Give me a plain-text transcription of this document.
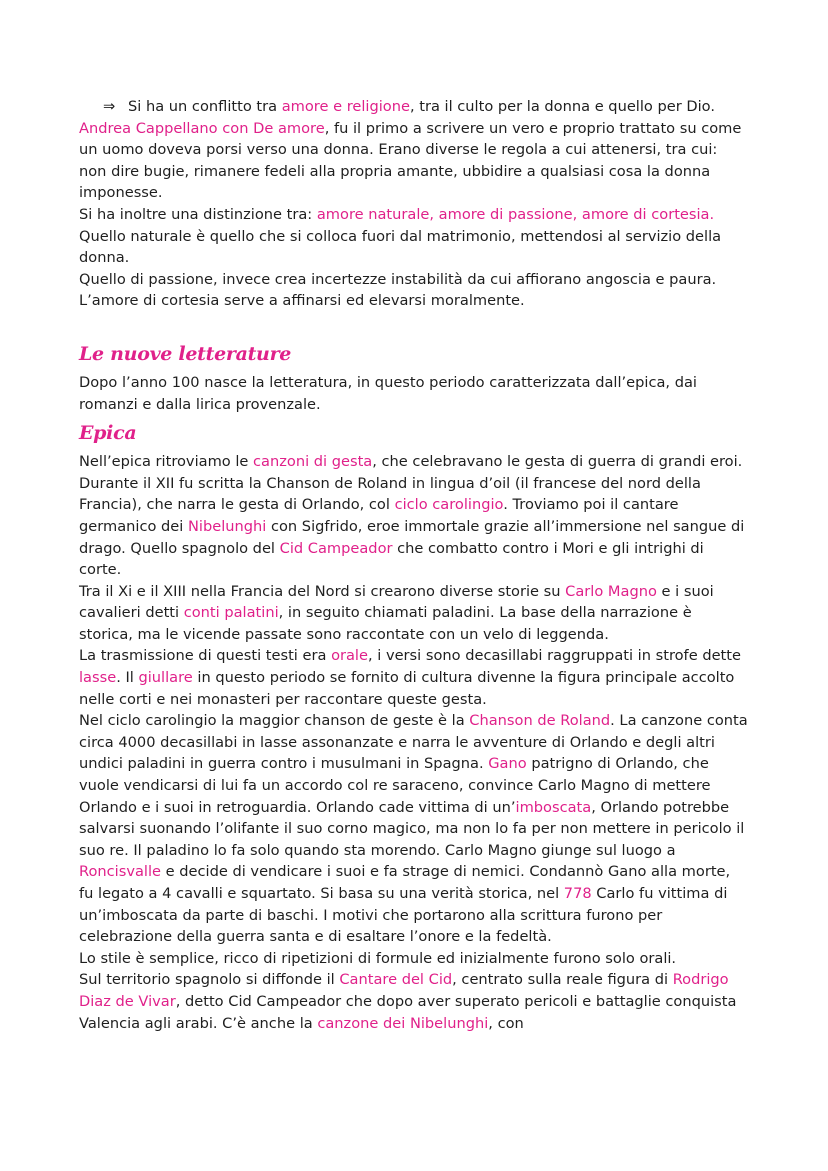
⇒ Si ha un conflitto tra amore e religione, tra il culto per la donna e quello per Dio.

Andrea Cappellano con De amore, fu il primo a scrivere un vero e proprio trattato su come un uomo doveva porsi verso una donna. Erano diverse le regola a cui attenersi, tra cui: non dire bugie, rimanere fedeli alla propria amante, ubbidire a qualsiasi cosa la donna imponesse.

Si ha inoltre una distinzione tra: amore naturale, amore di passione, amore di cortesia.

Quello naturale è quello che si colloca fuori dal matrimonio, mettendosi al servizio della donna.

Quello di passione, invece crea incertezze instabilità da cui affiorano angoscia e paura.

L’amore di cortesia serve a affinarsi ed elevarsi moralmente.

Le nuove letterature

Dopo l’anno 100 nasce la letteratura, in questo periodo caratterizzata dall’epica, dai romanzi e dalla lirica provenzale.

Epica

Nell’epica ritroviamo le canzoni di gesta, che celebravano le gesta di guerra di grandi eroi. Durante il XII fu scritta la Chanson de Roland in lingua d’oil (il francese del nord della Francia), che narra le gesta di Orlando, col ciclo carolingio. Troviamo poi il cantare germanico dei Nibelunghi con Sigfrido, eroe immortale grazie all’immersione nel sangue di drago. Quello spagnolo del Cid Campeador che combatto contro i Mori e gli intrighi di corte.

Tra il Xi e il XIII nella Francia del Nord si crearono diverse storie su Carlo Magno e i suoi cavalieri detti conti palatini, in seguito chiamati paladini. La base della narrazione è storica, ma le vicende passate sono raccontate con un velo di leggenda.

La trasmissione di questi testi era orale, i versi sono decasillabi raggruppati in strofe dette lasse. Il giullare in questo periodo se fornito di cultura divenne la figura principale accolto nelle corti e nei monasteri per raccontare queste gesta.

Nel ciclo carolingio la maggior chanson de geste è la Chanson de Roland. La canzone conta circa 4000 decasillabi in lasse assonanzate e narra le avventure di Orlando e degli altri undici paladini in guerra contro i musulmani in Spagna. Gano patrigno di Orlando, che vuole vendicarsi di lui fa un accordo col re saraceno, convince Carlo Magno di mettere Orlando e i suoi in retroguardia. Orlando cade vittima di un’imboscata, Orlando potrebbe salvarsi suonando l’olifante il suo corno magico, ma non lo fa per non mettere in pericolo il suo re. Il paladino lo fa solo quando sta morendo. Carlo Magno giunge sul luogo a Roncisvalle e decide di vendicare i suoi e fa strage di nemici. Condannò Gano alla morte, fu legato a 4 cavalli e squartato. Si basa su una verità storica, nel 778 Carlo fu vittima di un’imboscata da parte di baschi. I motivi che portarono alla scrittura furono per celebrazione della guerra santa e di esaltare l’onore e la fedeltà.

Lo stile è semplice, ricco di ripetizioni di formule ed inizialmente furono solo orali.

Sul territorio spagnolo si diffonde il Cantare del Cid, centrato sulla reale figura di Rodrigo Diaz de Vivar, detto Cid Campeador che dopo aver superato pericoli e battaglie conquista Valencia agli arabi. C’è anche la canzone dei Nibelunghi, con
